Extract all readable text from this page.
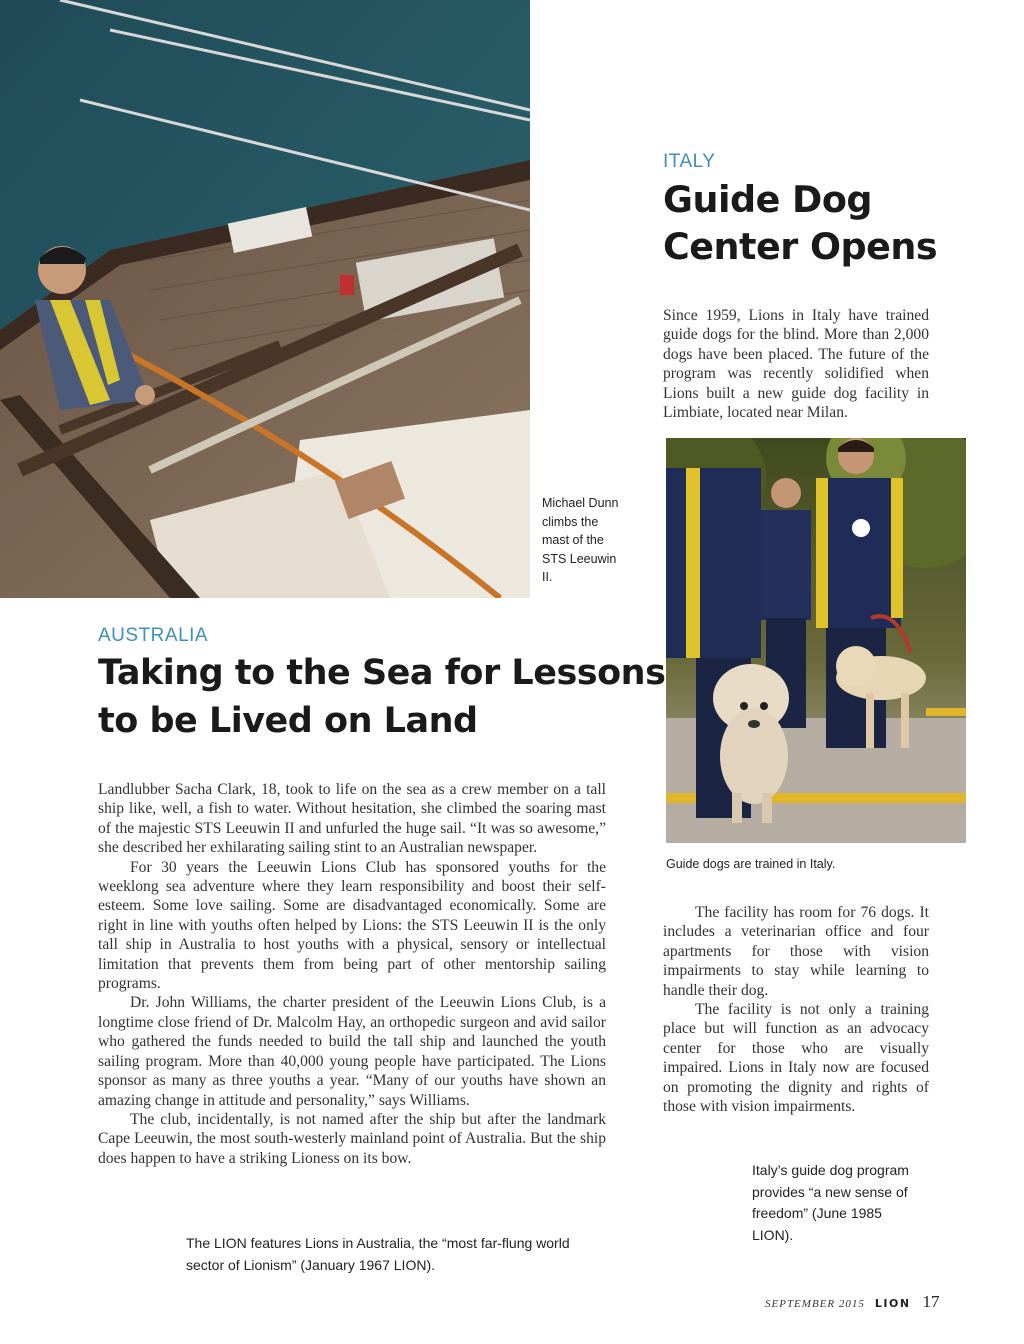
Michael Dunn climbs the mast of the STS Leeuwin II.
ITALY
Guide Dog
Center Opens

Since 1959, Lions in Italy have trained guide dogs for the blind. More than 2,000 dogs have been placed. The future of the program was recently solidified when Lions built a new guide dog facility in Limbiate, located near Milan.

Guide dogs are trained in Italy.

The facility has room for 76 dogs. It includes a veterinarian office and four apartments for those with vision impairments to stay while learning to handle their dog.

The facility is not only a training place but will function as an advocacy center for those who are visually impaired. Lions in Italy now are focused on promoting the dignity and rights of those with vision impairments.

Italy’s guide dog program provides “a new sense of freedom” (June 1985 LION).
AUSTRALIA
Taking to the Sea for Lessons
to be Lived on Land

Landlubber Sacha Clark, 18, took to life on the sea as a crew member on a tall ship like, well, a fish to water. Without hesitation, she climbed the soaring mast of the majestic STS Leeuwin II and unfurled the huge sail. “It was so awesome,” she described her exhilarating sailing stint to an Australian newspaper.

For 30 years the Leeuwin Lions Club has sponsored youths for the weeklong sea adventure where they learn responsibility and boost their self-esteem. Some love sailing. Some are disadvantaged economically. Some are right in line with youths often helped by Lions: the STS Leeuwin II is the only tall ship in Australia to host youths with a physical, sensory or intellectual limitation that prevents them from being part of other mentorship sailing programs.

Dr. John Williams, the charter president of the Leeuwin Lions Club, is a longtime close friend of Dr. Malcolm Hay, an orthopedic surgeon and avid sailor who gathered the funds needed to build the tall ship and launched the youth sailing program. More than 40,000 young people have participated. The Lions sponsor as many as three youths a year. “Many of our youths have shown an amazing change in attitude and personality,” says Williams.

The club, incidentally, is not named after the ship but after the landmark Cape Leeuwin, the most south-westerly mainland point of Australia. But the ship does happen to have a striking Lioness on its bow.

The LION features Lions in Australia, the “most far-flung world sector of Lionism” (January 1967 LION).
SEPTEMBER 2015 LION 17
